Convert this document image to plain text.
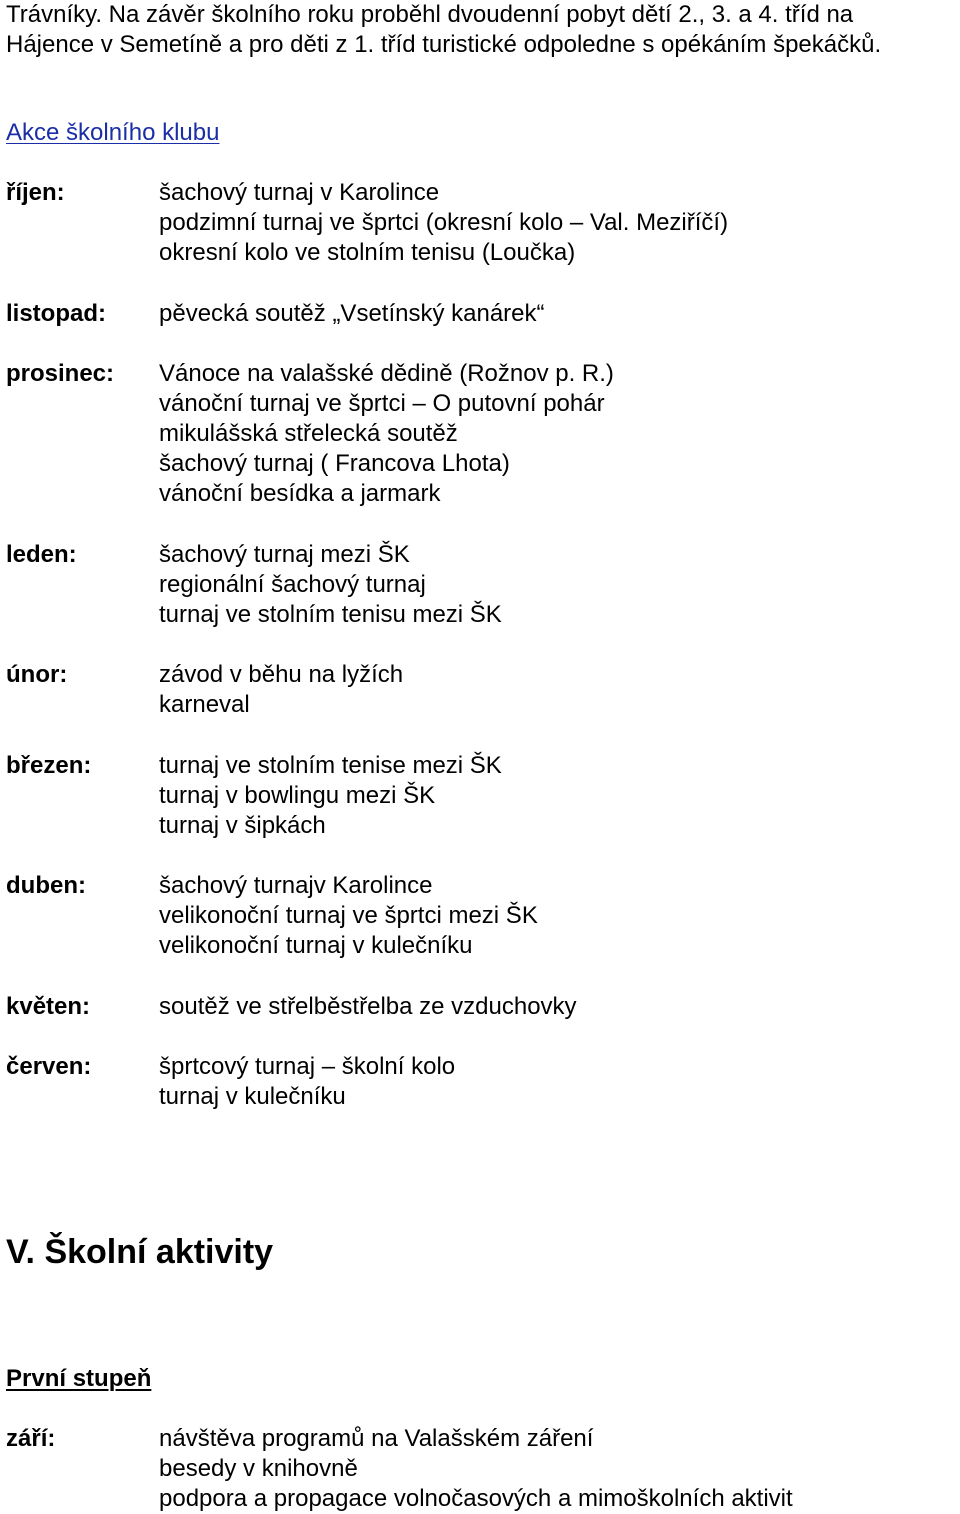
Trávníky. Na závěr školního roku proběhl dvoudenní pobyt dětí 2., 3. a 4. tříd na
Hájence v Semetíně a pro děti z 1. tříd turistické odpoledne s opékáním špekáčků.
Akce školního klubu
říjen:	šachový turnaj v Karolince
podzimní turnaj ve šprtci (okresní kolo – Val. Meziříčí)
okresní kolo ve stolním tenisu (Loučka)
listopad: pěvecká soutěž „Vsetínský kanárek“
prosinec: Vánoce na valašské dědině (Rožnov p. R.)
vánoční turnaj ve šprtci – O putovní pohár
mikulášská střelecká soutěž
šachový turnaj ( Francova Lhota)
vánoční besídka a jarmark
leden:	šachový turnaj mezi ŠK
regionální šachový turnaj
turnaj ve stolním tenisu mezi ŠK
únor:	závod v běhu na lyžích
karneval
březen:	turnaj ve stolním tenise mezi ŠK
turnaj v bowlingu mezi ŠK
turnaj v šipkách
duben:	šachový turnajv Karolince
velikonoční turnaj ve šprtci mezi ŠK
velikonoční turnaj v kulečníku
květen:	soutěž ve střelběstřelba ze vzduchovky
červen:	šprtcový turnaj – školní kolo
turnaj v kulečníku
V. Školní aktivity
První stupeň
září:	návštěva programů na Valašském záření
besedy v knihovně
podpora a propagace volnočasových a mimoškolních aktivit
